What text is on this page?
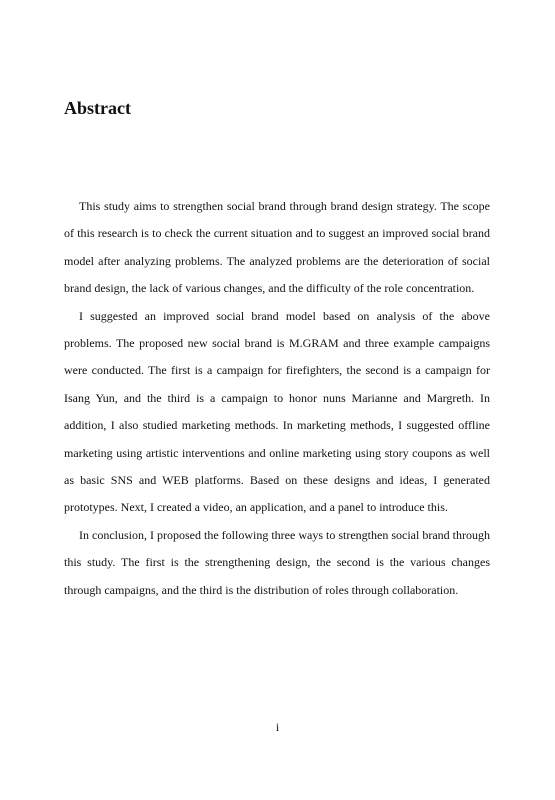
Abstract

This study aims to strengthen social brand through brand design strategy. The scope of this research is to check the current situation and to suggest an improved social brand model after analyzing problems. The analyzed problems are the deterioration of social brand design, the lack of various changes, and the difficulty of the role concentration.

I suggested an improved social brand model based on analysis of the above problems. The proposed new social brand is M.GRAM and three example campaigns were conducted. The first is a campaign for firefighters, the second is a campaign for Isang Yun, and the third is a campaign to honor nuns Marianne and Margreth. In addition, I also studied marketing methods. In marketing methods, I suggested offline marketing using artistic interventions and online marketing using story coupons as well as basic SNS and WEB platforms. Based on these designs and ideas, I generated prototypes. Next, I created a video, an application, and a panel to introduce this.

In conclusion, I proposed the following three ways to strengthen social brand through this study. The first is the strengthening design, the second is the various changes through campaigns, and the third is the distribution of roles through collaboration.

i
